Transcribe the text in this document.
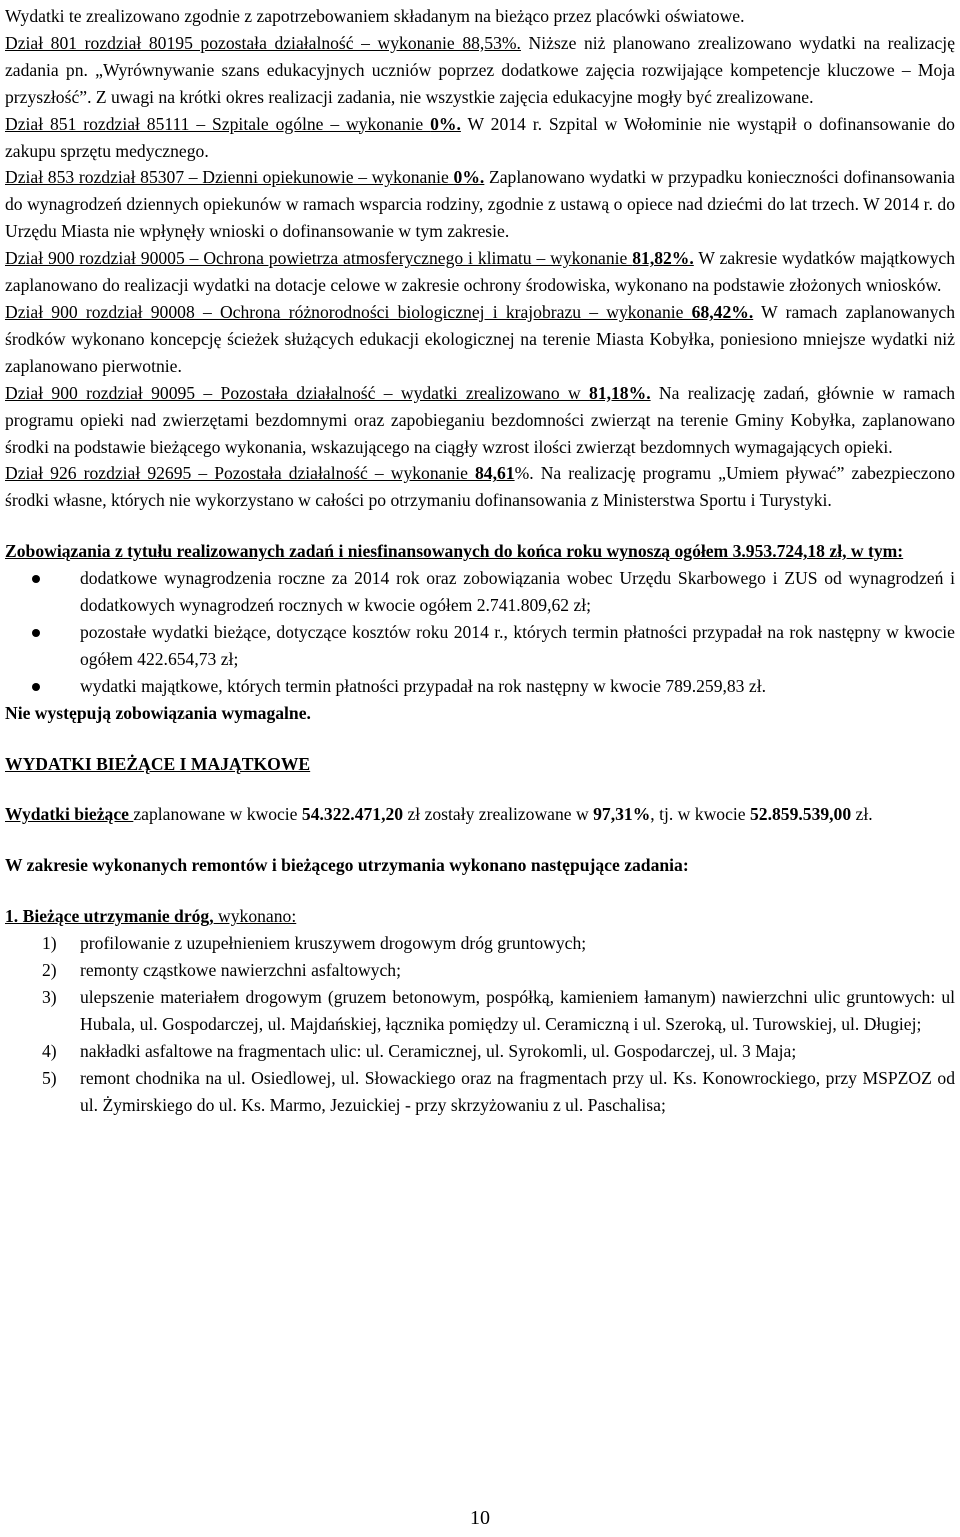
Wydatki te zrealizowano zgodnie z zapotrzebowaniem składanym na bieżąco przez placówki oświatowe.

Dział 801 rozdział 80195 pozostała działalność – wykonanie 88,53%. Niższe niż planowano zrealizowano wydatki na realizację zadania pn. „Wyrównywanie szans edukacyjnych uczniów poprzez dodatkowe zajęcia rozwijające kompetencje kluczowe – Moja przyszłość”. Z uwagi na krótki okres realizacji zadania, nie wszystkie zajęcia edukacyjne mogły być zrealizowane.

Dział 851 rozdział 85111 – Szpitale ogólne – wykonanie 0%. W 2014 r. Szpital w Wołominie nie wystąpił o dofinansowanie do zakupu sprzętu medycznego.

Dział 853 rozdział 85307 – Dzienni opiekunowie – wykonanie 0%. Zaplanowano wydatki w przypadku konieczności dofinansowania do wynagrodzeń dziennych opiekunów w ramach wsparcia rodziny, zgodnie z ustawą o opiece nad dziećmi do lat trzech. W 2014 r. do Urzędu Miasta nie wpłynęły wnioski o dofinansowanie w tym zakresie.

Dział 900 rozdział 90005 – Ochrona powietrza atmosferycznego i klimatu – wykonanie 81,82%. W zakresie wydatków majątkowych zaplanowano do realizacji wydatki na dotacje celowe w zakresie ochrony środowiska, wykonano na podstawie złożonych wniosków.

Dział 900 rozdział 90008 – Ochrona różnorodności biologicznej i krajobrazu – wykonanie 68,42%. W ramach zaplanowanych środków wykonano koncepcję ścieżek służących edukacji ekologicznej na terenie Miasta Kobyłka, poniesiono mniejsze wydatki niż zaplanowano pierwotnie.

Dział 900 rozdział 90095 – Pozostała działalność – wydatki zrealizowano w 81,18%. Na realizację zadań, głównie w ramach programu opieki nad zwierzętami bezdomnymi oraz zapobieganiu bezdomności zwierząt na terenie Gminy Kobyłka, zaplanowano środki na podstawie bieżącego wykonania, wskazującego na ciągły wzrost ilości zwierząt bezdomnych wymagających opieki.

Dział 926 rozdział 92695 – Pozostała działalność – wykonanie 84,61%. Na realizację programu „Umiem pływać” zabezpieczono środki własne, których nie wykorzystano w całości po otrzymaniu dofinansowania z Ministerstwa Sportu i Turystyki.

Zobowiązania z tytułu realizowanych zadań i niesfinansowanych do końca roku wynoszą ogółem 3.953.724,18 zł, w tym:

dodatkowe wynagrodzenia roczne za 2014 rok oraz zobowiązania wobec Urzędu Skarbowego i ZUS od wynagrodzeń i dodatkowych wynagrodzeń rocznych w kwocie ogółem 2.741.809,62 zł;
pozostałe wydatki bieżące, dotyczące kosztów roku 2014 r., których termin płatności przypadał na rok następny w kwocie ogółem 422.654,73 zł;
wydatki majątkowe, których termin płatności przypadał na rok następny w kwocie 789.259,83 zł.

Nie występują zobowiązania wymagalne.

WYDATKI BIEŻĄCE I MAJĄTKOWE

Wydatki bieżące zaplanowane w kwocie 54.322.471,20 zł zostały zrealizowane w 97,31%, tj. w kwocie 52.859.539,00 zł.

W zakresie wykonanych remontów i bieżącego utrzymania wykonano następujące zadania:

1. Bieżące utrzymanie dróg, wykonano:

1) profilowanie z uzupełnieniem kruszywem drogowym dróg gruntowych;
2) remonty cząstkowe nawierzchni asfaltowych;
3) ulepszenie materiałem drogowym (gruzem betonowym, pospółką, kamieniem łamanym) nawierzchni ulic gruntowych: ul Hubala, ul. Gospodarczej, ul. Majdańskiej, łącznika pomiędzy ul. Ceramiczną i ul. Szeroką, ul. Turowskiej, ul. Długiej;
4) nakładki asfaltowe na fragmentach ulic: ul. Ceramicznej, ul. Syrokomli, ul. Gospodarczej, ul. 3 Maja;
5) remont chodnika na ul. Osiedlowej, ul. Słowackiego oraz na fragmentach przy ul. Ks. Konowrockiego, przy MSPZOZ od ul. Żymirskiego do ul. Ks. Marmo, Jezuickiej - przy skrzyżowaniu z ul. Paschalisa;
10
